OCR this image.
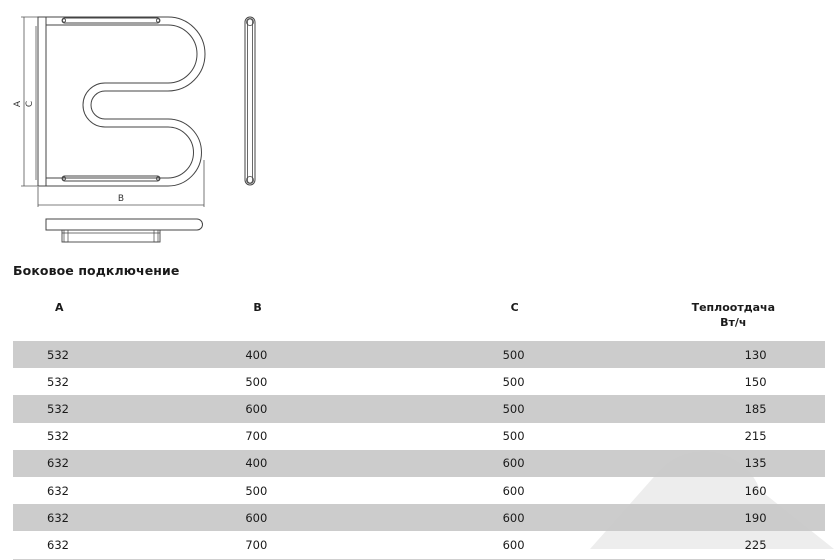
A C
B
Боковое подключение
A	B	C	Теплоотдача
Вт/ч

532	400	500	130
532	500	500	150
532	600	500	185
532	700	500	215
632	400	600	135
632	500	600	160
632	600	600	190
632	700	600	225
